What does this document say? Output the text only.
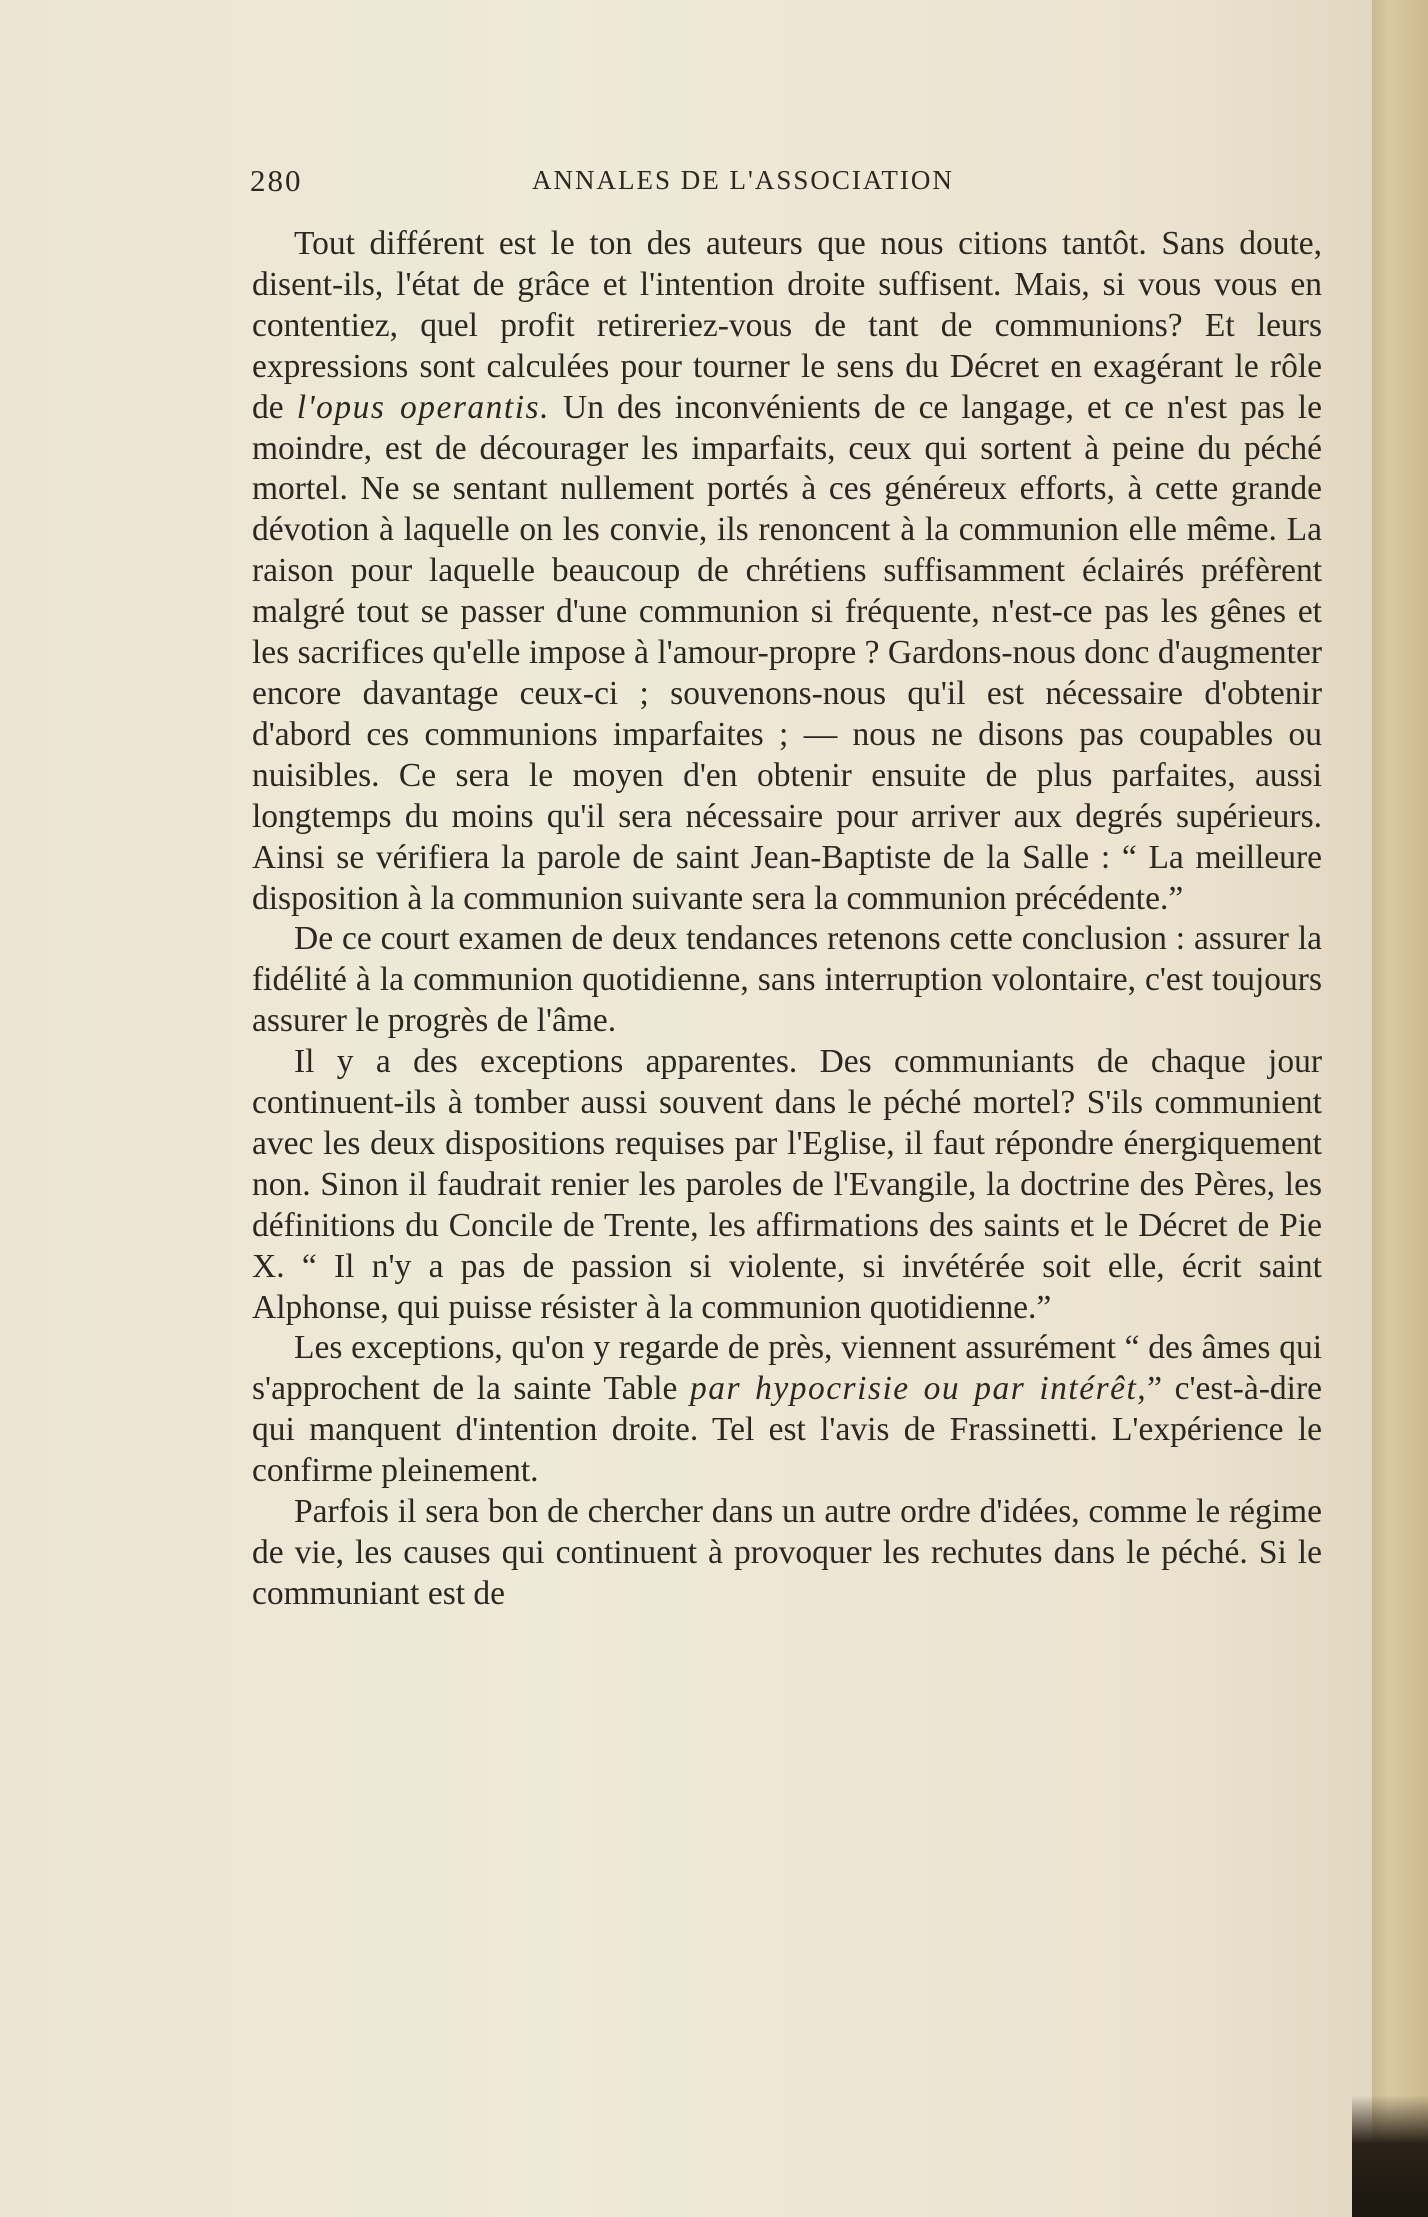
280	ANNALES DE L'ASSOCIATION

Tout différent est le ton des auteurs que nous citions tantôt. Sans doute, disent-ils, l'état de grâce et l'intention droite suffisent. Mais, si vous vous en contentiez, quel profit retireriez-vous de tant de communions? Et leurs expressions sont calculées pour tourner le sens du Décret en exagérant le rôle de l'opus operantis. Un des inconvénients de ce langage, et ce n'est pas le moindre, est de décourager les imparfaits, ceux qui sortent à peine du péché mortel. Ne se sentant nullement portés à ces généreux efforts, à cette grande dévotion à laquelle on les convie, ils renoncent à la communion elle même. La raison pour laquelle beaucoup de chrétiens suffisamment éclairés préfèrent malgré tout se passer d'une communion si fréquente, n'est-ce pas les gênes et les sacrifices qu'elle impose à l'amour-propre ? Gardons-nous donc d'augmenter encore davantage ceux-ci ; souvenons-nous qu'il est nécessaire d'obtenir d'abord ces communions imparfaites ; — nous ne disons pas coupables ou nuisibles. Ce sera le moyen d'en obtenir ensuite de plus parfaites, aussi longtemps du moins qu'il sera nécessaire pour arriver aux degrés supérieurs. Ainsi se vérifiera la parole de saint Jean-Baptiste de la Salle : “ La meilleure disposition à la communion suivante sera la communion précédente.”

De ce court examen de deux tendances retenons cette conclusion : assurer la fidélité à la communion quotidienne, sans interruption volontaire, c'est toujours assurer le progrès de l'âme.

Il y a des exceptions apparentes. Des communiants de chaque jour continuent-ils à tomber aussi souvent dans le péché mortel? S'ils communient avec les deux dispositions requises par l'Eglise, il faut répondre énergiquement non. Sinon il faudrait renier les paroles de l'Evangile, la doctrine des Pères, les définitions du Concile de Trente, les affirmations des saints et le Décret de Pie X. “ Il n'y a pas de passion si violente, si invétérée soit elle, écrit saint Alphonse, qui puisse résister à la communion quotidienne.”

Les exceptions, qu'on y regarde de près, viennent assurément “ des âmes qui s'approchent de la sainte Table par hypocrisie ou par intérêt,” c'est-à-dire qui manquent d'intention droite. Tel est l'avis de Frassinetti. L'expérience le confirme pleinement.

Parfois il sera bon de chercher dans un autre ordre d'idées, comme le régime de vie, les causes qui continuent à provoquer les rechutes dans le péché. Si le communiant est de
